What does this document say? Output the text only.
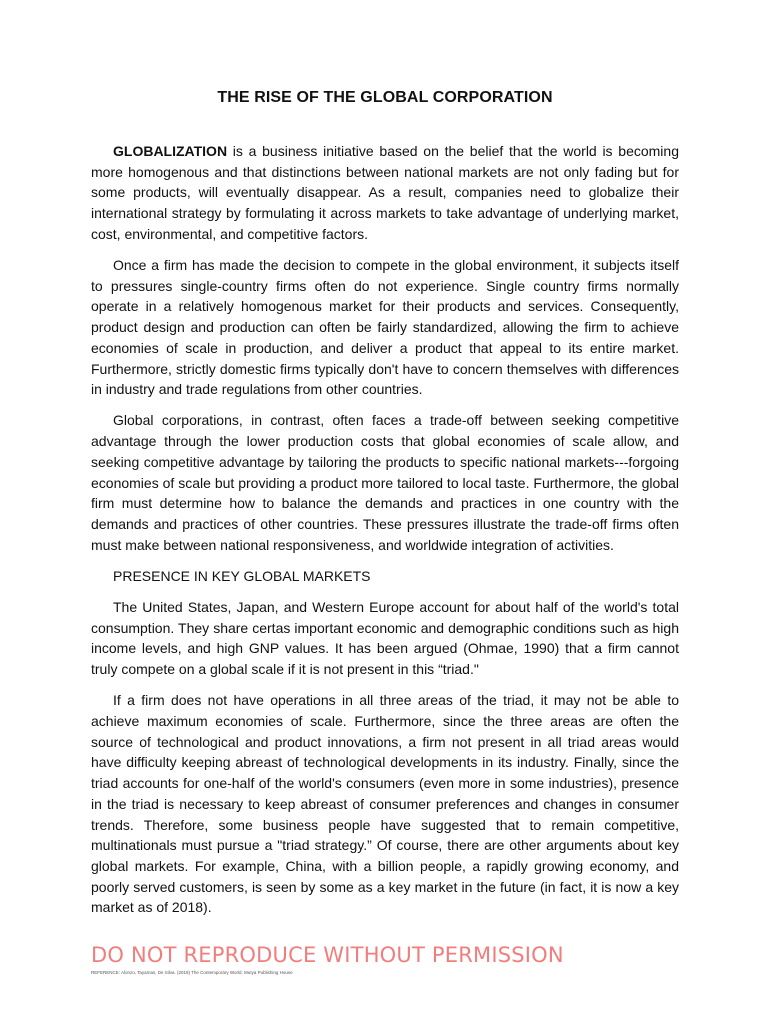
THE RISE OF THE GLOBAL CORPORATION

GLOBALIZATION is a business initiative based on the belief that the world is becoming more homogenous and that distinctions between national markets are not only fading but for some products, will eventually disappear. As a result, companies need to globalize their international strategy by formulating it across markets to take advantage of underlying market, cost, environmental, and competitive factors.

Once a firm has made the decision to compete in the global environment, it subjects itself to pressures single-country firms often do not experience. Single country firms normally operate in a relatively homogenous market for their products and services. Consequently, product design and production can often be fairly standardized, allowing the firm to achieve economies of scale in production, and deliver a product that appeal to its entire market. Furthermore, strictly domestic firms typically don't have to concern themselves with differences in industry and trade regulations from other countries.

Global corporations, in contrast, often faces a trade-off between seeking competitive advantage through the lower production costs that global economies of scale allow, and seeking competitive advantage by tailoring the products to specific national markets---forgoing economies of scale but providing a product more tailored to local taste. Furthermore, the global firm must determine how to balance the demands and practices in one country with the demands and practices of other countries. These pressures illustrate the trade-off firms often must make between national responsiveness, and worldwide integration of activities.

PRESENCE IN KEY GLOBAL MARKETS

The United States, Japan, and Western Europe account for about half of the world's total consumption. They share certas important economic and demographic conditions such as high income levels, and high GNP values. It has been argued (Ohmae, 1990) that a firm cannot truly compete on a global scale if it is not present in this “triad."

If a firm does not have operations in all three areas of the triad, it may not be able to achieve maximum economies of scale. Furthermore, since the three areas are often the source of technological and product innovations, a firm not present in all triad areas would have difficulty keeping abreast of technological developments in its industry. Finally, since the triad accounts for one-half of the world's consumers (even more in some industries), presence in the triad is necessary to keep abreast of consumer preferences and changes in consumer trends. Therefore, some business people have suggested that to remain competitive, multinationals must pursue a "triad strategy.” Of course, there are other arguments about key global markets. For example, China, with a billion people, a rapidly growing economy, and poorly served customers, is seen by some as a key market in the future (in fact, it is now a key market as of 2018).

DO NOT REPRODUCE WITHOUT PERMISSION
REFERENCE: Alonzo, Tayamas, De Silva. (2018) The Contemporary World. Mutya Publishing House
